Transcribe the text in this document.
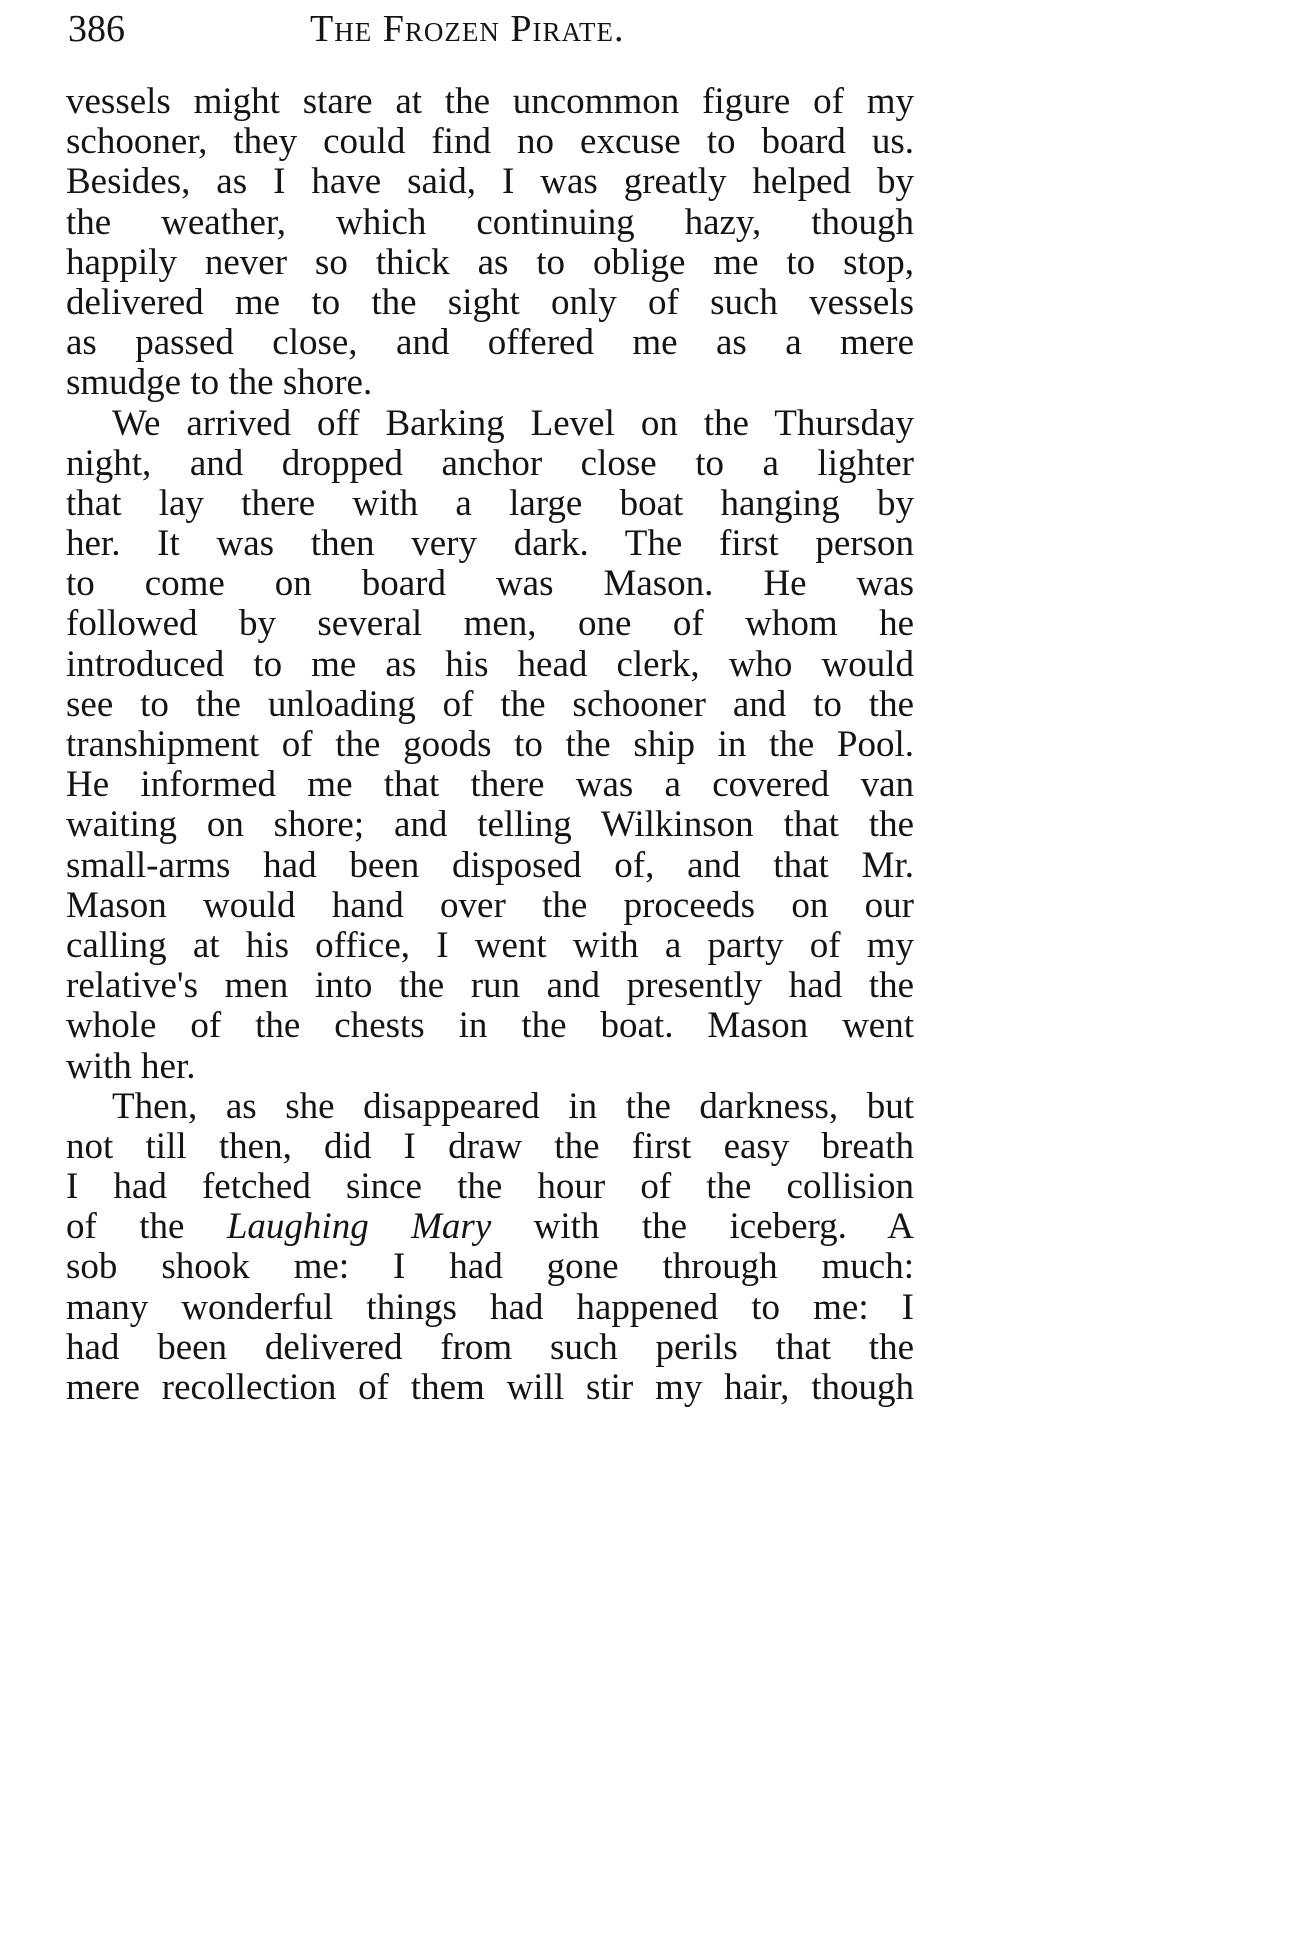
386	The Frozen Pirate.
vessels might stare at the uncommon figure of my
schooner, they could find no excuse to board us.
Besides, as I have said, I was greatly helped by
the weather, which continuing hazy, though
happily never so thick as to oblige me to stop,
delivered me to the sight only of such vessels
as passed close, and offered me as a mere
smudge to the shore.
We arrived off Barking Level on the Thursday
night, and dropped anchor close to a lighter
that lay there with a large boat hanging by
her. It was then very dark. The first person
to come on board was Mason. He was
followed by several men, one of whom he
introduced to me as his head clerk, who would
see to the unloading of the schooner and to the
transhipment of the goods to the ship in the Pool.
He informed me that there was a covered van
waiting on shore; and telling Wilkinson that the
small-arms had been disposed of, and that Mr.
Mason would hand over the proceeds on our
calling at his office, I went with a party of my
relative's men into the run and presently had the
whole of the chests in the boat. Mason went
with her.
Then, as she disappeared in the darkness, but
not till then, did I draw the first easy breath
I had fetched since the hour of the collision
of the Laughing Mary with the iceberg. A
sob shook me: I had gone through much:
many wonderful things had happened to me: I
had been delivered from such perils that the
mere recollection of them will stir my hair, though
